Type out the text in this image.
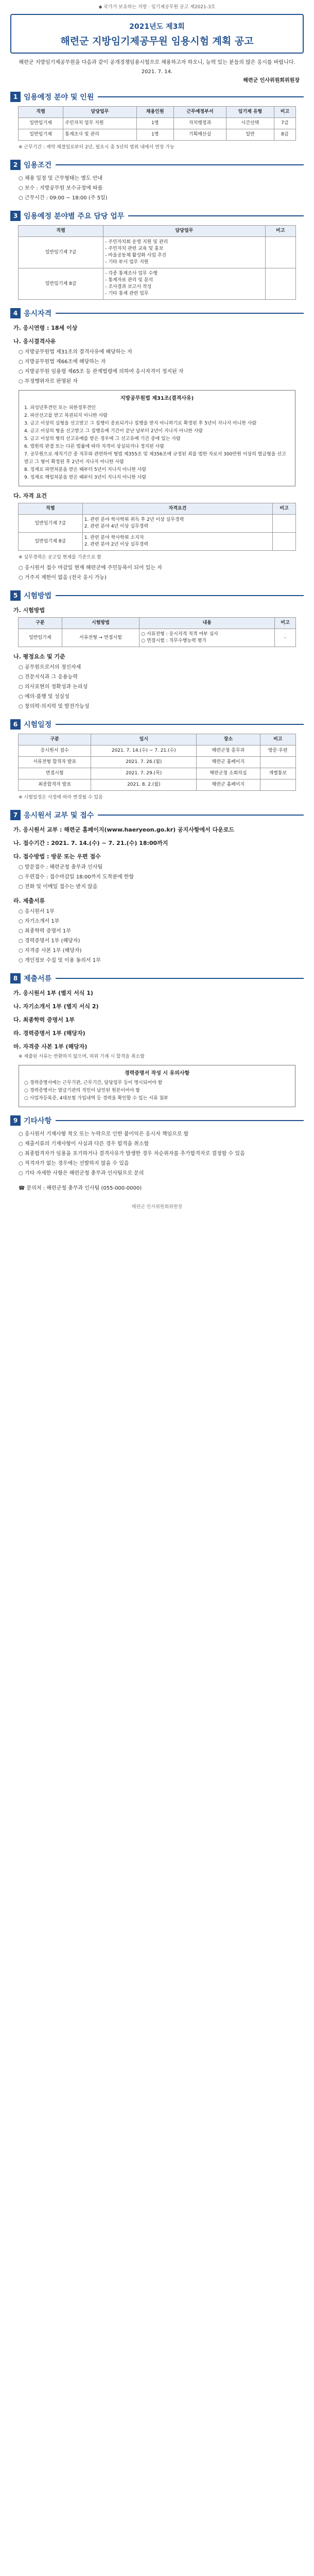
◆ 국가가 보유하는 지방 ‧ 임기제공무원 공고 제2021-3호
2021년도 제3회
해련군 지방임기제공무원 임용시험 계획 공고
해련군 지방임기제공무원을 다음과 같이 공개경쟁임용시험으로 채용하고자 하오니, 능력 있는 분들의 많은 응시를 바랍니다.
2021. 7. 14.
해련군 인사위원회위원장
1 임용예정 분야 및 인원
직렬	담당업무	채용인원	근무예정부서	임기제 유형	비고
일반임기제	주민자치 업무 지원	1명	자치행정과	시간선택	7급
일반임기제	통계조사 및 관리	1명	기획예산실	일반	8급
※ 근무기간 : 계약 체결일로부터 2년, 필요시 총 5년의 범위 내에서 연장 가능
2 임용조건
○ 채용 일정 및 근무형태는 별도 안내
○ 보수 : 지방공무원 보수규정에 따름
○ 근무시간 : 09:00 ~ 18:00 (주 5일)
3 임용예정 분야별 주요 담당 업무
직렬	담당업무	비고
일반임기제 7급	- 주민자치회 운영 지원 및 관리
- 주민자치 관련 교육 및 홍보
- 마을공동체 활성화 사업 추진
- 기타 부서 업무 지원	
일반임기제 8급	- 각종 통계조사 업무 수행
- 통계자료 관리 및 분석
- 조사결과 보고서 작성
- 기타 통계 관련 업무	
4 응시자격
가. 응시연령 : 18세 이상
나. 응시결격사유
○ 지방공무원법 제31조의 결격사유에 해당하는 자
○ 지방공무원법 제66조에 해당하는 자
○ 지방공무원 임용령 제65조 등 관계법령에 의하여 응시자격이 정지된 자
○ 부정행위자로 판명된 자
지방공무원법 제31조(결격사유)
1. 피성년후견인 또는 피한정후견인
2. 파산선고를 받고 복권되지 아니한 사람
3. 금고 이상의 실형을 선고받고 그 집행이 종료되거나 집행을 받지 아니하기로 확정된 후 5년이 지나지 아니한 사람
4. 금고 이상의 형을 선고받고 그 집행유예 기간이 끝난 날부터 2년이 지나지 아니한 사람
5. 금고 이상의 형의 선고유예를 받은 경우에 그 선고유예 기간 중에 있는 사람
6. 법원의 판결 또는 다른 법률에 따라 자격이 상실되거나 정지된 사람
7. 공무원으로 재직기간 중 직무와 관련하여 형법 제355조 및 제356조에 규정된 죄를 범한 자로서 300만원 이상의 벌금형을 선고받고 그 형이 확정된 후 2년이 지나지 아니한 사람
8. 징계로 파면처분을 받은 때부터 5년이 지나지 아니한 사람
9. 징계로 해임처분을 받은 때부터 3년이 지나지 아니한 사람
다. 자격 요건
직렬	자격요건	비고
일반임기제 7급	1. 관련 분야 학사학위 취득 후 2년 이상 실무경력
2. 관련 분야 4년 이상 실무경력	
일반임기제 8급	1. 관련 분야 학사학위 소지자
2. 관련 분야 2년 이상 실무경력	
※ 실무경력은 공고일 현재를 기준으로 함
○ 응시원서 접수 마감일 현재 해련군에 주민등록이 되어 있는 자
○ 거주지 제한이 없음 (전국 응시 가능)
5 시험방법
가. 시험방법
구분	시험방법	내용	비고
일반임기제	서류전형 → 면접시험	○ 서류전형 : 응시자격 적격 여부 심사
○ 면접시험 : 직무수행능력 평가	-
나. 평정요소 및 기준
○ 공무원으로서의 정신자세
○ 전문지식과 그 응용능력
○ 의사표현의 정확성과 논리성
○ 예의·품행 및 성실성
○ 창의력·의지력 및 발전가능성
6 시험일정
구분	일시	장소	비고
응시원서 접수	2021. 7. 14.(수) ~ 7. 21.(수)	해련군청 총무과	방문·우편
서류전형 합격자 발표	2021. 7. 26.(월)	해련군 홈페이지	
면접시험	2021. 7. 29.(목)	해련군청 소회의실	개별통보
최종합격자 발표	2021. 8. 2.(월)	해련군 홈페이지	
※ 시험일정은 사정에 따라 변경될 수 있음
7 응시원서 교부 및 접수
가. 응시원서 교부 : 해련군 홈페이지(www.haeryeon.go.kr) 공지사항에서 다운로드
나. 접수기간 : 2021. 7. 14.(수) ~ 7. 21.(수) 18:00까지
다. 접수방법 : 방문 또는 우편 접수
○ 방문접수 : 해련군청 총무과 인사팀
○ 우편접수 : 접수마감일 18:00까지 도착분에 한함
○ 전화 및 이메일 접수는 받지 않음
라. 제출서류
○ 응시원서 1부
○ 자기소개서 1부
○ 최종학력 증명서 1부
○ 경력증명서 1부 (해당자)
○ 자격증 사본 1부 (해당자)
○ 개인정보 수집 및 이용 동의서 1부
8 제출서류
가. 응시원서 1부 (별지 서식 1)
나. 자기소개서 1부 (별지 서식 2)
다. 최종학력 증명서 1부
라. 경력증명서 1부 (해당자)
마. 자격증 사본 1부 (해당자)
※ 제출된 서류는 반환하지 않으며, 허위 기재 시 합격을 취소함
경력증명서 작성 시 유의사항
○ 경력증명서에는 근무기관, 근무기간, 담당업무 등이 명시되어야 함
○ 경력증명서는 발급기관의 직인이 날인된 원본이어야 함
○ 사업자등록증, 4대보험 가입내역 등 경력을 확인할 수 있는 서류 첨부
9 기타사항
○ 응시원서 기재사항 착오 또는 누락으로 인한 불이익은 응시자 책임으로 함
○ 제출서류의 기재사항이 사실과 다른 경우 합격을 취소함
○ 최종합격자가 임용을 포기하거나 결격사유가 발생한 경우 차순위자를 추가합격자로 결정할 수 있음
○ 적격자가 없는 경우에는 선발하지 않을 수 있음
○ 기타 자세한 사항은 해련군청 총무과 인사팀으로 문의
☎ 문의처 : 해련군청 총무과 인사팀 (055-000-0000)
해련군 인사위원회위원장
